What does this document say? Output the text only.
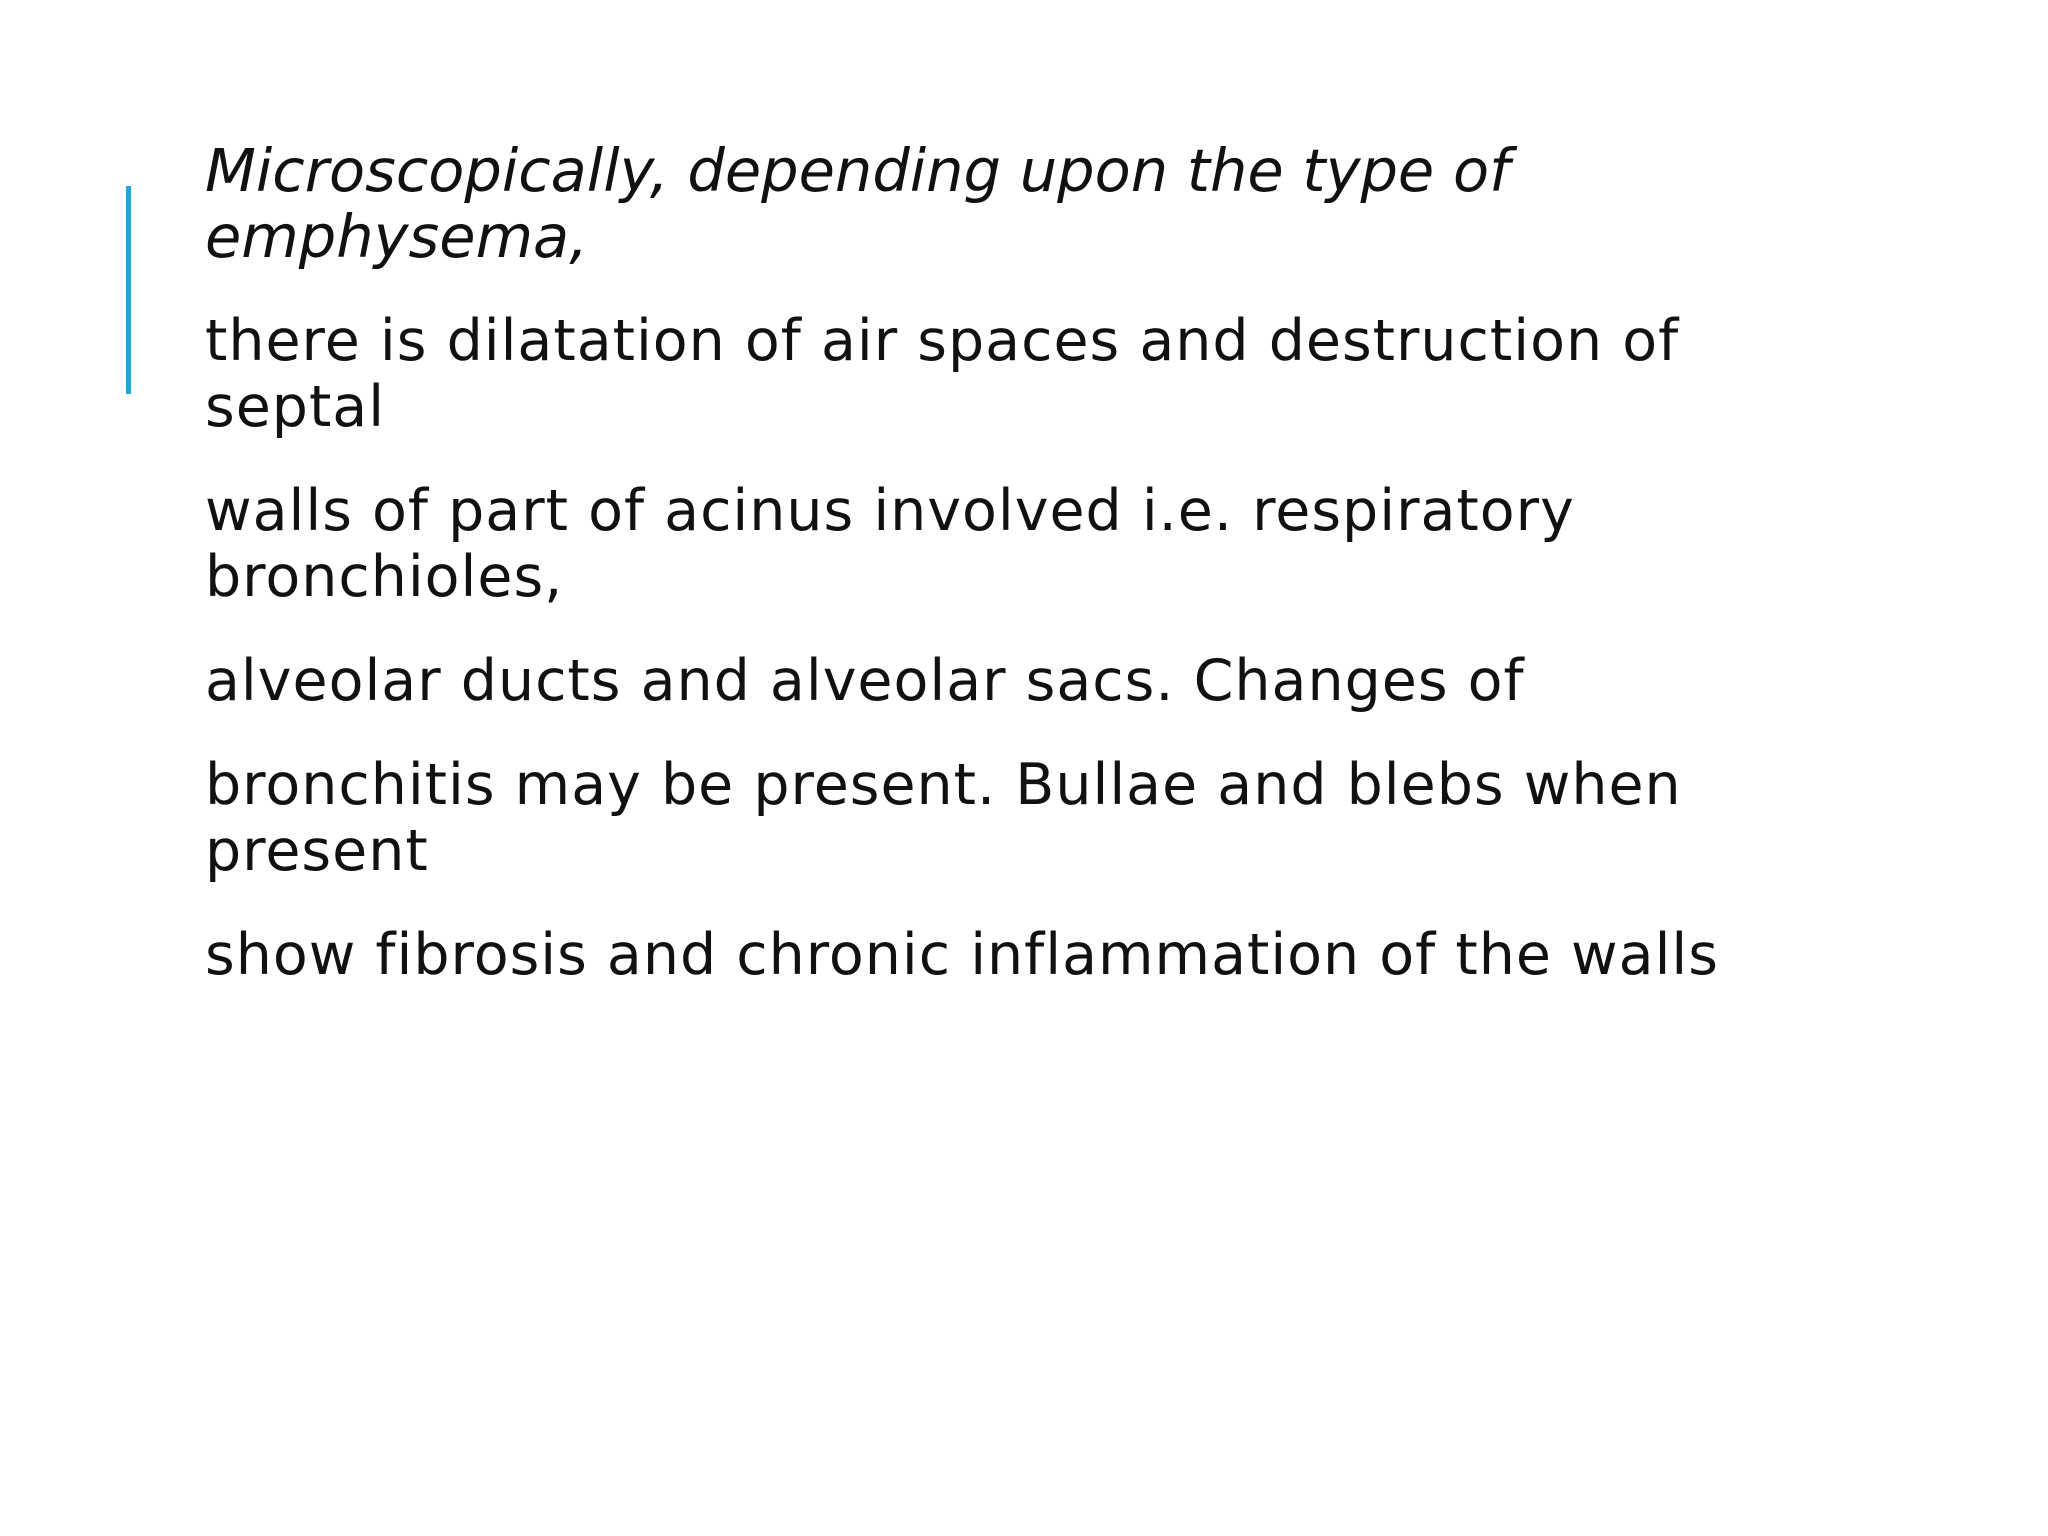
Microscopically, depending upon the type of
emphysema,

there is dilatation of air spaces and destruction of
septal

walls of part of acinus involved i.e. respiratory
bronchioles,

alveolar ducts and alveolar sacs. Changes of

bronchitis may be present. Bullae and blebs when
present

show fibrosis and chronic inflammation of the walls
